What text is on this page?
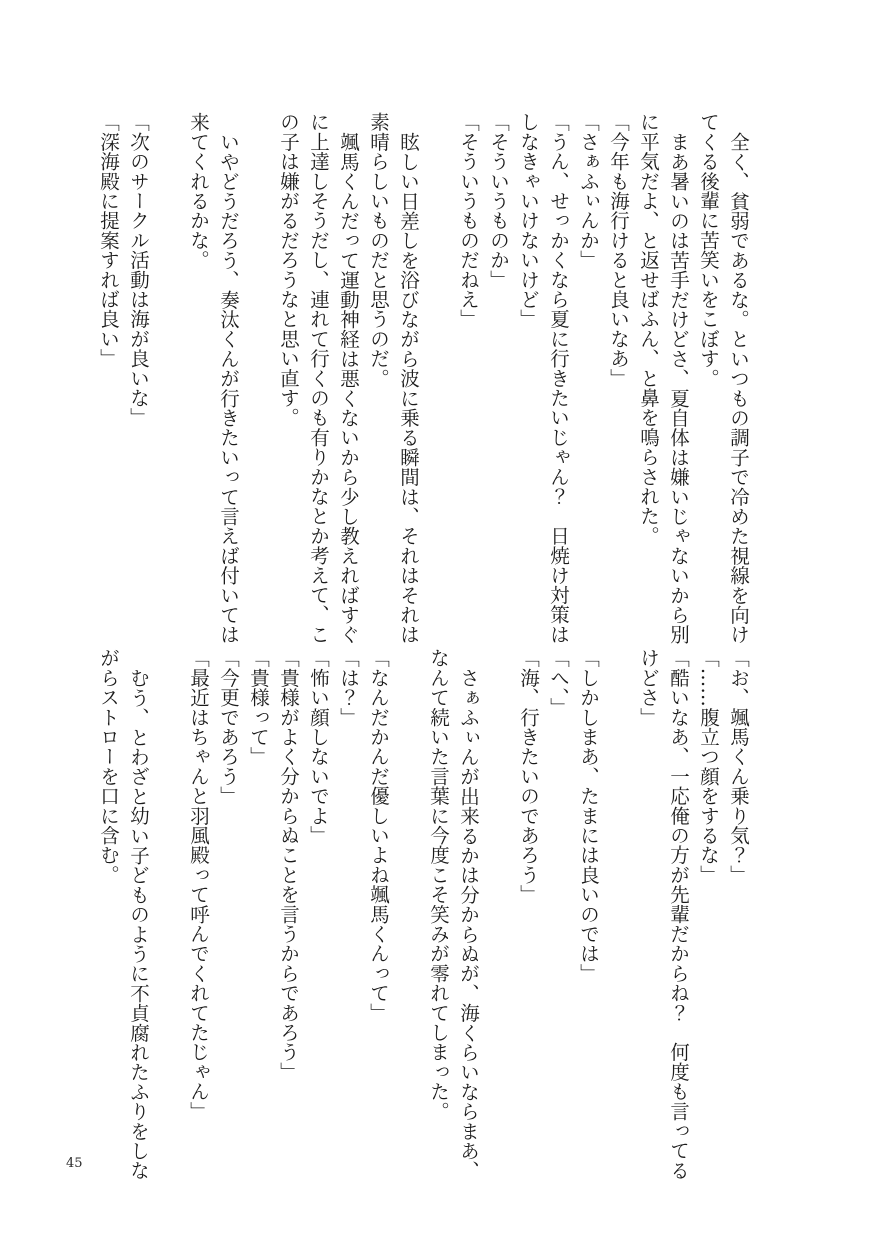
全く、貧弱であるな。といつもの調子で冷めた視線を向けてくる後輩に苦笑いをこぼす。

まあ暑いのは苦手だけどさ、夏自体は嫌いじゃないから別に平気だよ、と返せばふん、と鼻を鳴らされた。

「今年も海行けると良いなあ」

「さぁふぃんか」

「うん、せっかくなら夏に行きたいじゃん？　日焼け対策はしなきゃいけないけど」

「そういうものか」

「そういうものだねえ」

眩しい日差しを浴びながら波に乗る瞬間は、それはそれは素晴らしいものだと思うのだ。

颯馬くんだって運動神経は悪くないから少し教えればすぐに上達しそうだし、連れて行くのも有りかなとか考えて、この子は嫌がるだろうなと思い直す。

いやどうだろう、奏汰くんが行きたいって言えば付いては来てくれるかな。

「次のサークル活動は海が良いな」

「深海殿に提案すれば良い」

「お、颯馬くん乗り気？」

「……腹立つ顔をするな」

「酷いなあ、一応俺の方が先輩だからね？　何度も言ってるけどさ」

「しかしまあ、たまには良いのでは」

「へ、」

「海、行きたいのであろう」

さぁふぃんが出来るかは分からぬが、海くらいならまあ、なんて続いた言葉に今度こそ笑みが零れてしまった。

「なんだかんだ優しいよね颯馬くんって」

「は？」

「怖い顔しないでよ」

「貴様がよく分からぬことを言うからであろう」

「貴様って」

「今更であろう」

「最近はちゃんと羽風殿って呼んでくれてたじゃん」

むう、とわざと幼い子どものように不貞腐れたふりをしながらストローを口に含む。

45
